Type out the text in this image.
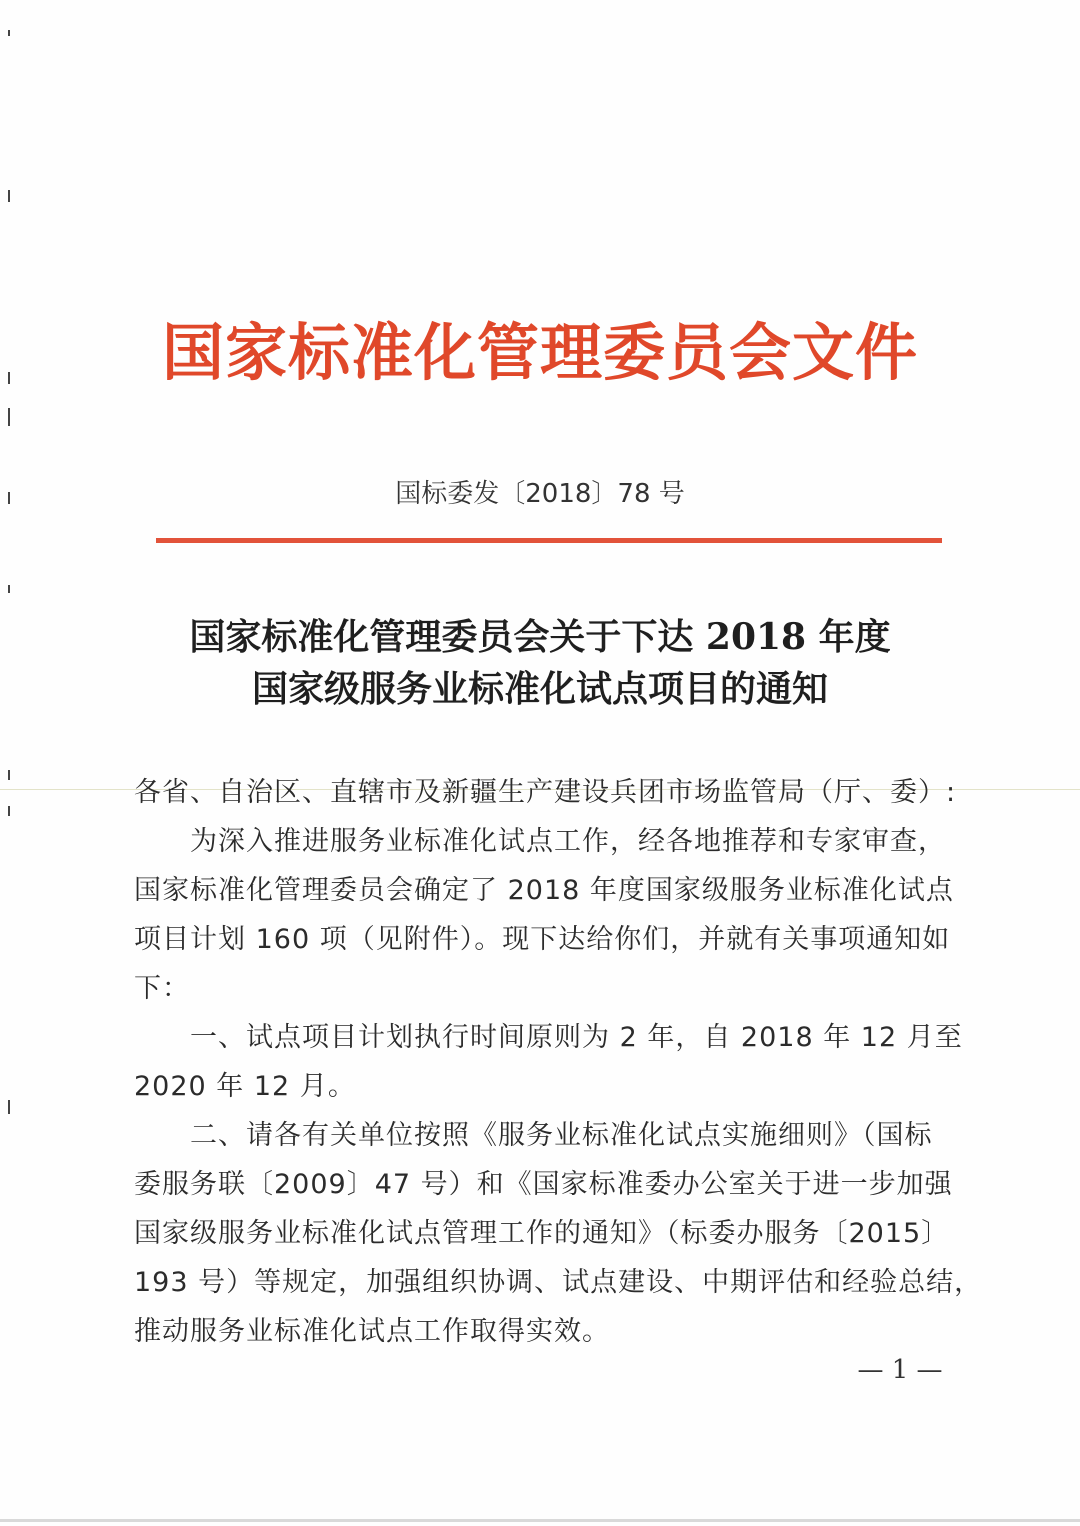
国家标准化管理委员会文件
国标委发〔2018〕78 号
国家标准化管理委员会关于下达 2018 年度
国家级服务业标准化试点项目的通知
各省、自治区、直辖市及新疆生产建设兵团市场监管局（厅、委）:
　　为深入推进服务业标准化试点工作，经各地推荐和专家审查，
国家标准化管理委员会确定了 2018 年度国家级服务业标准化试点
项目计划 160 项（见附件）。现下达给你们，并就有关事项通知如
下：
　　一、试点项目计划执行时间原则为 2 年，自 2018 年 12 月至
2020 年 12 月。
　　二、请各有关单位按照《服务业标准化试点实施细则》（国标
委服务联〔2009〕47 号）和《国家标准委办公室关于进一步加强
国家级服务业标准化试点管理工作的通知》（标委办服务〔2015〕
193 号）等规定，加强组织协调、试点建设、中期评估和经验总结，
推动服务业标准化试点工作取得实效。
— 1 —
